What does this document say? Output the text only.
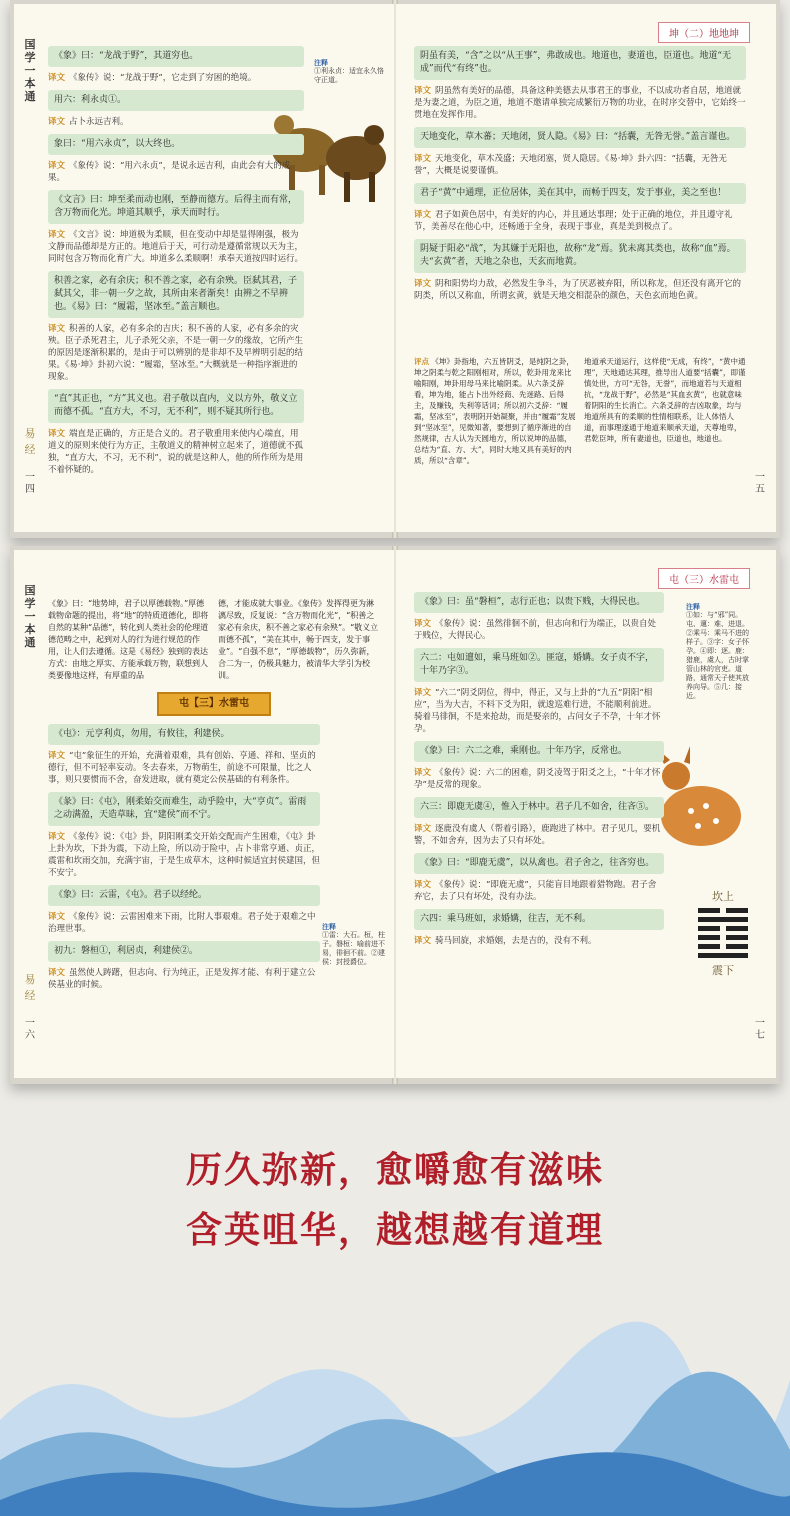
国学一本通
易经
一四
注释
①利永贞：适宜永久恪守正道。
《象》曰：“龙战于野”，其道穷也。
译文 《象传》说：“龙战于野”，它走到了穷困的绝境。
用六：利永贞①。
译文 占卜永远吉利。
象曰：“用六永贞”，以大终也。
译文 《象传》说：“用六永贞”，是说永远吉利，由此会有大的成果。
《文言》曰：坤至柔而动也刚，至静而德方。后得主而有常，含万物而化光。坤道其顺乎，承天而时行。
译文 《文言》说：坤道极为柔顺，但在变动中却是显得刚强，极为文静而品德却是方正的。地道后于天，可行动是遵循常规以天为主，同时包含万物而化育广大。坤道多么柔顺啊！承奉天道按四时运行。
积善之家，必有余庆；积不善之家，必有余殃。臣弑其君，子弑其父，非一朝一夕之故，其所由来者渐矣！由辨之不早辨也。《易》曰：“履霜，坚冰至。”盖言顺也。
译文 积善的人家，必有多余的吉庆；积不善的人家，必有多余的灾殃。臣子杀死君主，儿子杀死父亲，不是一朝一夕的缘故，它所产生的原因是逐渐积累的，是由于可以辨别的是非却不及早辨明引起的结果。《易·坤》卦初六说：“履霜，坚冰至。”大概就是一种指序渐进的现象。
“直”其正也，“方”其义也。君子敬以直内，义以方外，敬义立而德不孤。“直方大，不习，无不利”，则不疑其所行也。
译文 端直是正确的，方正是合义的。君子敬重用来使内心端直，用道义的原则来使行为方正，主敬道义的精神树立起来了，道德就不孤独，“直方大，不习，无不利”，说的就是这种人，他的所作所为是用不着怀疑的。
坤（二）地地坤
一五
阴虽有美，“含”之以“从王事”，弗敢成也。地道也，妻道也，臣道也。地道“无成”而代“有终”也。
译文 阴虽然有美好的品德，具备这种美德去从事君王的事业，不以成功者自居，地道就是为妻之道，为臣之道，地道不邀请单独完成繁衍万物的功业，在时序交替中，它始终一贯地在发挥作用。
天地变化，草木蕃；天地闭，贤人隐。《易》曰：“括囊，无咎无誉。”盖言谨也。
译文 天地变化，草木茂盛；天地闭塞，贤人隐居。《易·坤》卦六四：“括囊，无咎无誉”，大概是说要谨慎。
君子“黄”中通理，正位居体，美在其中，而畅于四支，发于事业，美之至也！
译文 君子如黄色居中，有美好的内心，并且通达事理；处于正确的地位，并且遵守礼节，美善尽在他心中，还畅通于全身，表现于事业，真是美到极点了。
阴疑于阳必“战”，为其嫌于无阳也，故称“龙”焉。犹未离其类也，故称“血”焉。夫“玄黄”者，天地之杂也，天玄而地黄。
译文 阴和阳势均力敌，必然发生争斗，为了厌恶被弃阳，所以称龙，但还没有离开它的阴类，所以又称血，所谓玄黄，就是天地交相混杂的颜色，天色玄而地色黄。
评点 《坤》卦指地，六五皆阴爻，是纯阴之卦，坤之阴柔与乾之阳刚相对，所以，乾卦用龙来比喻阳刚，坤卦用母马来比喻阴柔。从六条爻辞看，坤为地，能占卜出外经商、先迷路、后得主，及赚钱，失利等话词；所以初六爻辞：“履霜，坚冰至”，表明阴开始凝聚，并由“履霜”发展到“坚冰至”，见微知著，要想到了循序渐进的自然规律，古人认为天圆地方，所以说坤的品德，总结为“直、方、大”，同时大地又具有美好的内质，所以“含章”。
地道承天道运行，这样使“无成，有终”，“黄中通理”，天地通达其理，推导出人道要“括囊”，即谨慎处世，方可“无咎，无誉”，而地道若与天道相抗，“龙战于野”，必然是“其血玄黄”，也就意味着阴阳的生长消亡。六条爻辞的吉凶取象，均与地道所具有的柔顺的性情相联系，让人体悟人道，而事理遂通于地道来顺承天道，天尊地卑，君乾臣坤，所有妻道也，臣道也，地道也。
国学一本通
易经
一六
《象》曰：“地势坤，君子以厚德载物。”厚德载物命题的提出，将“地”的特质道德化，即将自然的某种“品德”，转化到人类社会的伦理道德范畴之中，起到对人的行为进行规范的作用，让人们去遵循。这是《易经》独到的表达方式：由地之厚实、方能承载万物，联想到人类要像地这样，有厚重的品
德，才能成就大事业。《象传》发挥得更为淋漓尽致，反复说：“含万物而化光”，“积善之家必有余庆，积不善之家必有余殃”。“敬义立而德不孤”，“美在其中，畅于四支，发于事业”。“自强不息”，“厚德载物”，历久弥新，合二为一，仍极具魅力，被清华大学引为校训。
屯【三】水雷屯
《屯》：元亨利贞，勿用，有攸往，利建侯。
译文 “屯”象征生的开始，充满着艰难，具有创始、亨通、祥和、坚贞的德行，但不可轻率妄动。冬去春来，万物萌生，前途不可限量，比之人事，则只要惯而不舍，奋发进取，就有奠定公侯基础的有利条件。
《彖》曰：《屯》，刚柔始交而难生，动乎险中，大“亨贞”。雷雨之动满盈，天造草昧，宜“建侯”而不宁。
译文 《彖传》说：《屯》卦，阴阳刚柔交开始交配而产生困难，《屯》卦上卦为坎，下卦为震，下动上险，所以动于险中，占卜非常亨通、贞正，震雷和坎雨交加，充满宇宙，于是生成草木，这种时候适宜封侯建国，但不安宁。
《象》曰：云雷，《屯》。君子以经纶。
译文 《象传》说：云雷困难来下雨，比附人事艰难。君子处于艰难之中治理世事。
初九：磐桓①，利居贞，利建侯②。
译文 虽然使人踌躇，但志向、行为纯正，正是发挥才能、有利于建立公侯基业的时候。
注释
①雷：大石。桓，柱子。磐桓：喻前进不易，徘徊不前。②建侯：封授爵位。
屯（三）水雷屯
一七
注释
①如：与“邪”同。屯、邅：难、进退。②乘马：乘马不进的样子。③字：女子怀孕。④即：逐。鹿：猎鹿，虞人，古时掌管山林的官吏。道路，通常天子使其放养向导。⑤几：接近。
坎上
震下
《象》曰：虽“磐桓”，志行正也；以贵下贱，大得民也。
译文 《象传》说：虽然徘徊不前，但志向和行为端正，以贵自处于贱位，大得民心。
六二：屯如邅如，乘马班如②。匪寇，婚媾。女子贞不字，十年乃字③。
译文 “六二”阴爻阴位，得中，得正，又与上卦的“九五”阴阳“相应”，当为大吉，不料下爻为阳，就逡巡难行进，不能顺利前进。骑着马徘徊，不是来抢劫，而是娶亲的，占问女子不孕，十年才怀孕。
《象》曰：六二之难，乘刚也。十年乃字，反常也。
译文 《象传》说：六二的困难，阴爻凌驾于阳爻之上，“十年才怀孕”是反常的现象。
六三：即鹿无虞④，惟入于林中。君子几不如舍，往吝⑤。
译文 逐鹿没有虞人（帮着引路），鹿跑进了林中。君子见几，要机警，不如舍弃，因为去了只有坏处。
《象》曰：“即鹿无虞”，以从禽也。君子舍之，往吝穷也。
译文 《象传》说：“即鹿无虞”，只能盲目地跟着猎物跑。君子舍弃它，去了只有坏处，没有办法。
六四：乘马班如，求婚媾，往吉，无不利。
译文 骑马回旋，求婚姻，去是吉的，没有不利。
历久弥新，愈嚼愈有滋味
含英咀华，越想越有道理
